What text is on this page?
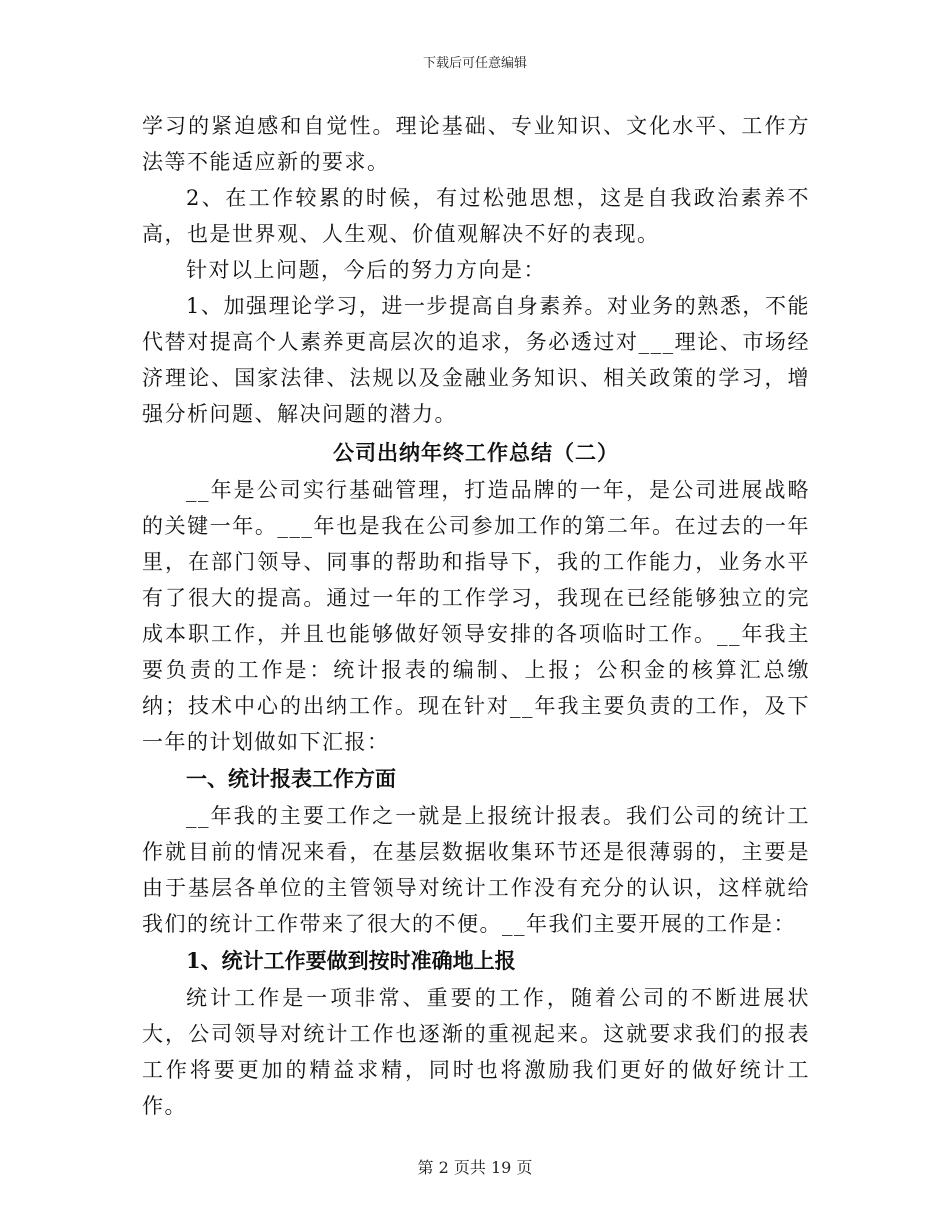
下载后可任意编辑

学习的紧迫感和自觉性。理论基础、专业知识、文化水平、工作方法等不能适应新的要求。

2、在工作较累的时候，有过松弛思想，这是自我政治素养不高，也是世界观、人生观、价值观解决不好的表现。

针对以上问题，今后的努力方向是：

1、加强理论学习，进一步提高自身素养。对业务的熟悉，不能代替对提高个人素养更高层次的追求，务必透过对___理论、市场经济理论、国家法律、法规以及金融业务知识、相关政策的学习，增强分析问题、解决问题的潜力。

公司出纳年终工作总结（二）

__年是公司实行基础管理，打造品牌的一年，是公司进展战略的关键一年。___年也是我在公司参加工作的第二年。在过去的一年里，在部门领导、同事的帮助和指导下，我的工作能力，业务水平有了很大的提高。通过一年的工作学习，我现在已经能够独立的完成本职工作，并且也能够做好领导安排的各项临时工作。__年我主要负责的工作是：统计报表的编制、上报；公积金的核算汇总缴纳；技术中心的出纳工作。现在针对__年我主要负责的工作，及下一年的计划做如下汇报：

一、统计报表工作方面

__年我的主要工作之一就是上报统计报表。我们公司的统计工作就目前的情况来看，在基层数据收集环节还是很薄弱的，主要是由于基层各单位的主管领导对统计工作没有充分的认识，这样就给我们的统计工作带来了很大的不便。__年我们主要开展的工作是：

1、统计工作要做到按时准确地上报

统计工作是一项非常、重要的工作，随着公司的不断进展状大，公司领导对统计工作也逐渐的重视起来。这就要求我们的报表工作将要更加的精益求精，同时也将激励我们更好的做好统计工作。

第 2 页共 19 页
